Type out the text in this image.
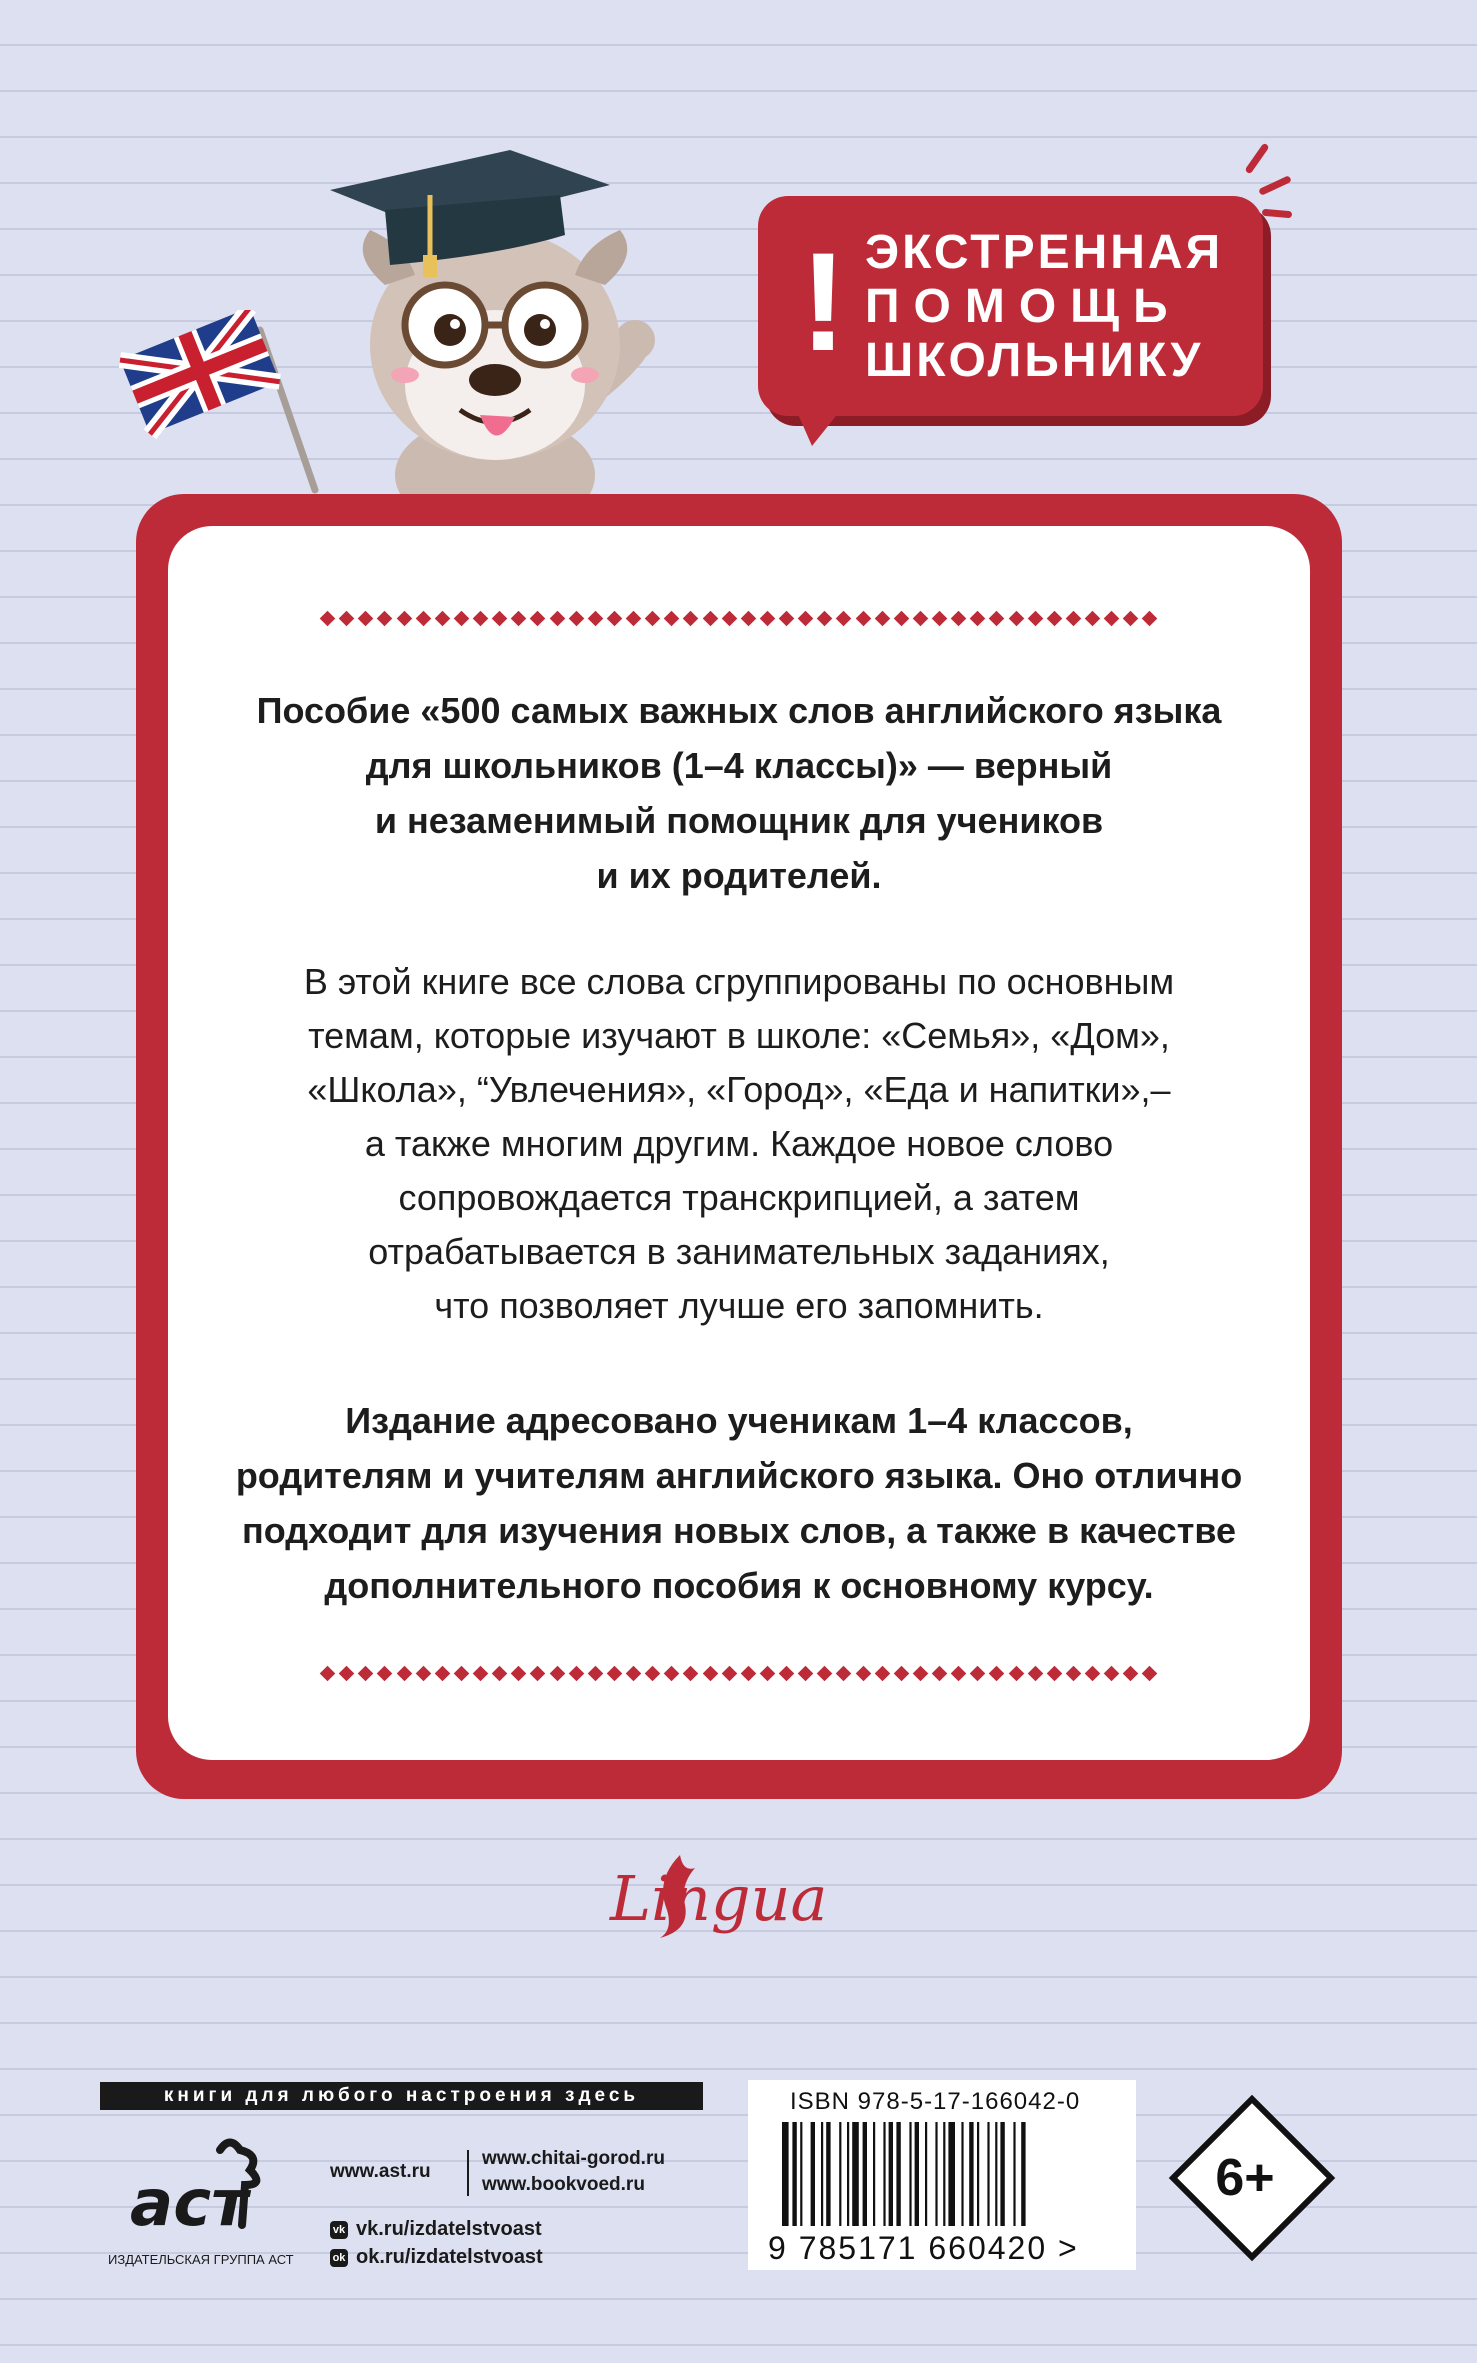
! ЭКСТРЕННАЯ
ПОМОЩЬ
ШКОЛЬНИКУ
Пособие «500 самых важных слов английского языка
для школьников (1–4 классы)» — верный
и незаменимый помощник для учеников
и их родителей.
В этой книге все слова сгруппированы по основным
темам, которые изучают в школе: «Семья», «Дом»,
«Школа», “Увлечения», «Город», «Еда и напитки»,–
а также многим другим. Каждое новое слово
сопровождается транскрипцией, а затем
отрабатывается в занимательных заданиях,
что позволяет лучше его запомнить.
Издание адресовано ученикам 1–4 классов,
родителям и учителям английского языка. Оно отлично
подходит для изучения новых слов, а также в качестве
дополнительного пособия к основному курсу.
Lingua
книги для любого настроения здесь
аст
ИЗДАТЕЛЬСКАЯ ГРУППА АСТ
www.ast.ru
www.chitai-gorod.ru
www.bookvoed.ru
vk vk.ru/izdatelstvoast
ok ok.ru/izdatelstvoast
ISBN 978-5-17-166042-0
9 785171 660420 >
6+
